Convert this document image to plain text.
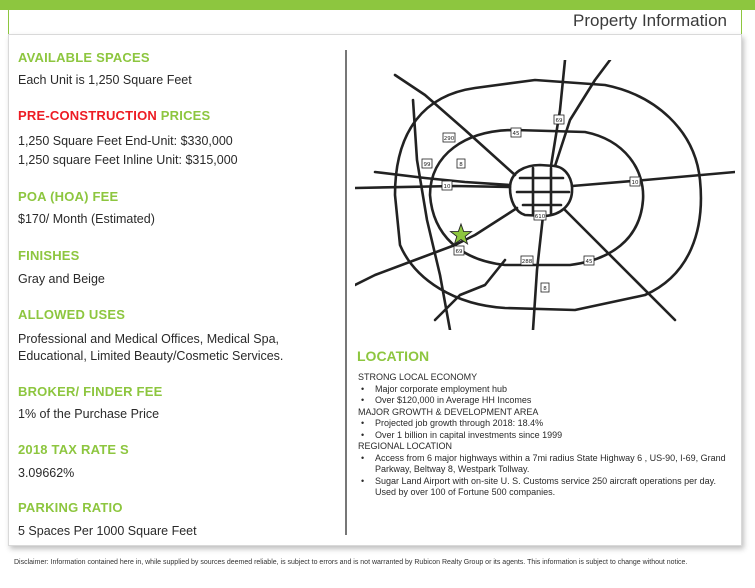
Property Information
AVAILABLE SPACES
Each Unit is 1,250 Square Feet
PRE-CONSTRUCTION PRICES
1,250 Square Feet End-Unit: $330,000
1,250 square Feet Inline Unit: $315,000
POA (HOA) FEE
$170/ Month (Estimated)
FINISHES
Gray and Beige
ALLOWED USES
Professional and Medical Offices, Medical Spa,
Educational, Limited Beauty/Cosmetic Services.
BROKER/ FINDER FEE
1% of the Purchase Price
2018 TAX RATE S
3.09662%
PARKING RATIO
5 Spaces Per 1000 Square Feet
290
45
69
99	8
10
10
610
45
69
288
8
LOCATION
STRONG LOCAL ECONOMY
• Major corporate employment hub
• Over $120,000 in Average HH Incomes
MAJOR GROWTH & DEVELOPMENT AREA
• Projected job growth through 2018: 18.4%
• Over 1 billion in capital investments since 1999
REGIONAL LOCATION
• Access from 6 major highways within a 7mi radius State Highway 6 , US-90, I-69, Grand Parkway, Beltway 8, Westpark Tollway.
• Sugar Land Airport with on-site U. S. Customs service 250 aircraft operations per day. Used by over 100 of Fortune 500 companies.
Disclaimer: Information contained here in, while supplied by sources deemed reliable, is subject to errors and is not warranted by Rubicon Realty Group or its agents. This information is subject to change without notice.
